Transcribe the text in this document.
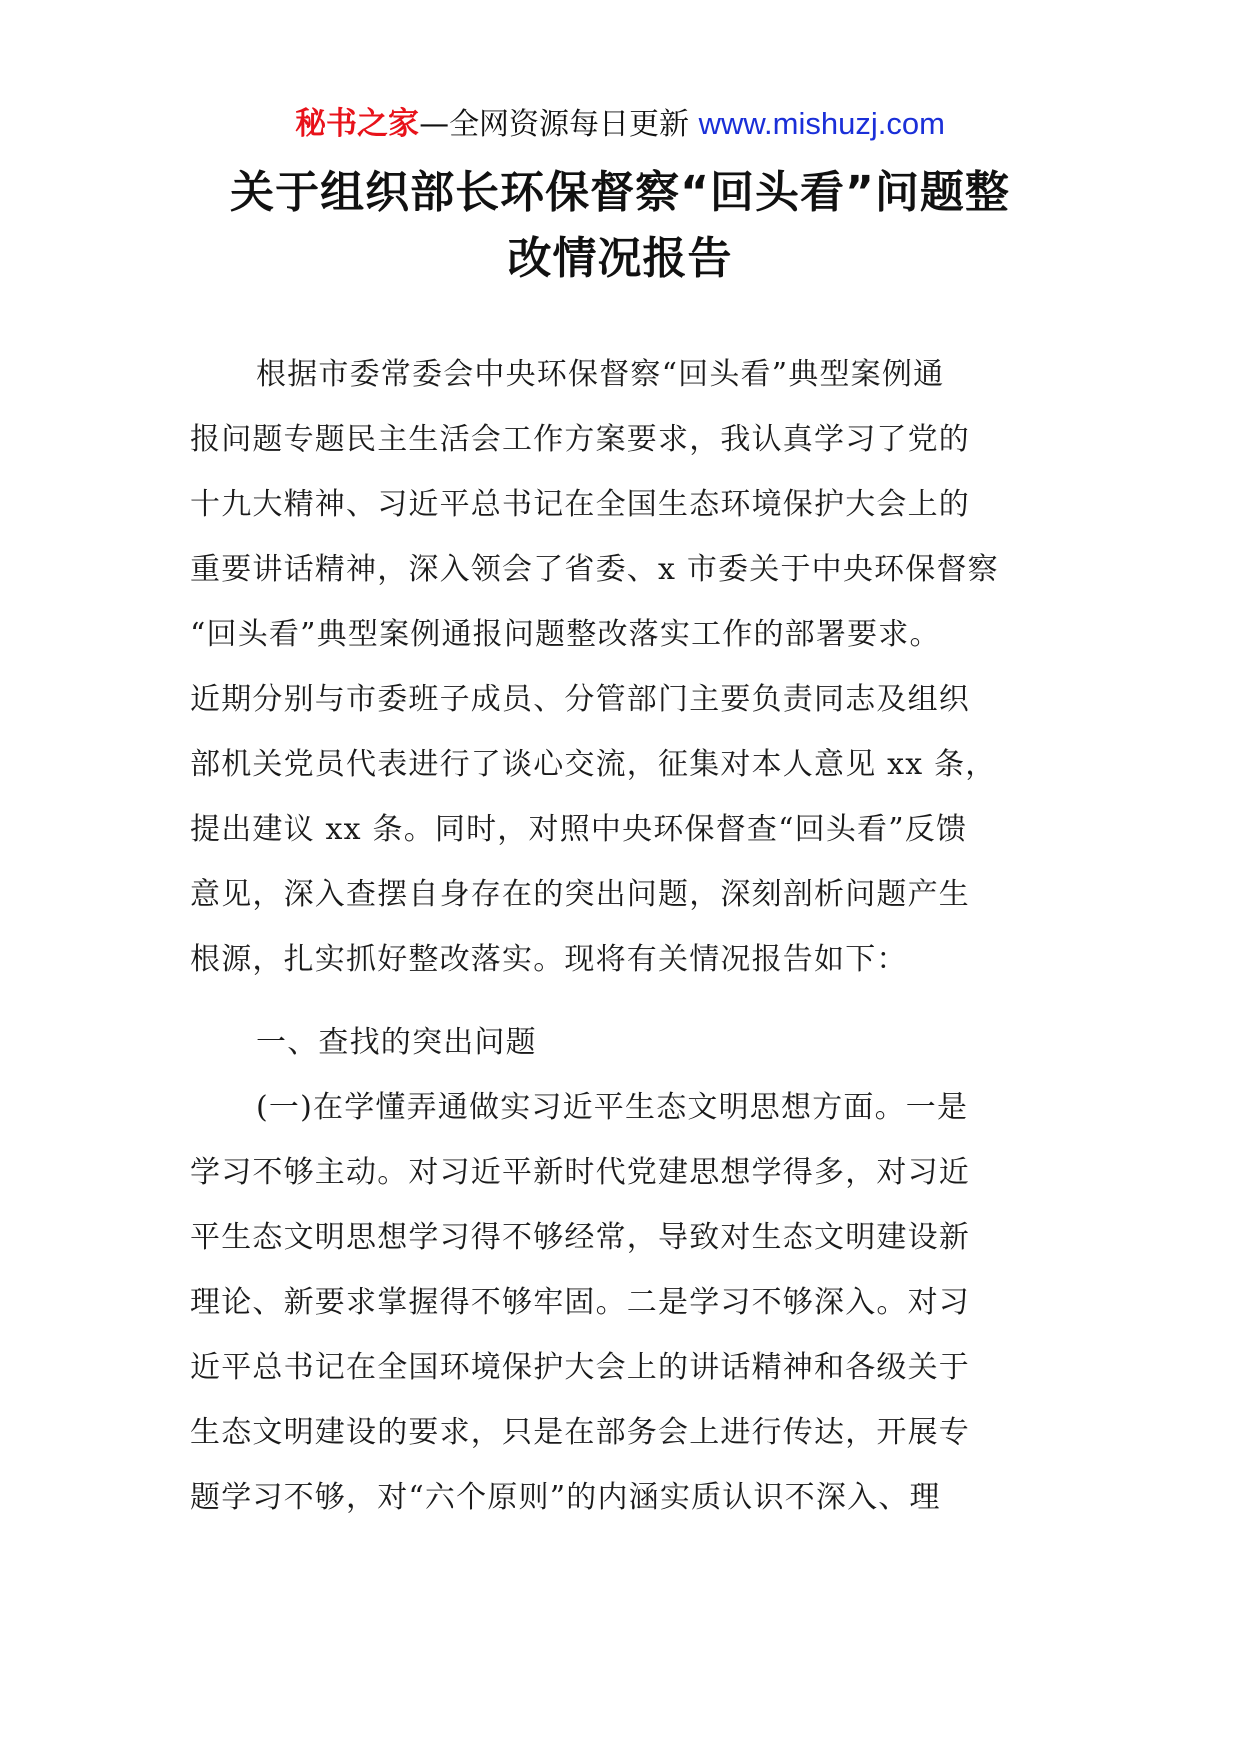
秘书之家—全网资源每日更新 www.mishuzj.com
关于组织部长环保督察“回头看”问题整
改情况报告
根据市委常委会中央环保督察“回头看”典型案例通
报问题专题民主生活会工作方案要求，我认真学习了党的
十九大精神、习近平总书记在全国生态环境保护大会上的
重要讲话精神，深入领会了省委、x 市委关于中央环保督察
“回头看”典型案例通报问题整改落实工作的部署要求。
近期分别与市委班子成员、分管部门主要负责同志及组织
部机关党员代表进行了谈心交流，征集对本人意见 xx 条，
提出建议 xx 条。同时，对照中央环保督查“回头看”反馈
意见，深入查摆自身存在的突出问题，深刻剖析问题产生
根源，扎实抓好整改落实。现将有关情况报告如下：
一、查找的突出问题
(一)在学懂弄通做实习近平生态文明思想方面。一是
学习不够主动。对习近平新时代党建思想学得多，对习近
平生态文明思想学习得不够经常，导致对生态文明建设新
理论、新要求掌握得不够牢固。二是学习不够深入。对习
近平总书记在全国环境保护大会上的讲话精神和各级关于
生态文明建设的要求，只是在部务会上进行传达，开展专
题学习不够，对“六个原则”的内涵实质认识不深入、理
